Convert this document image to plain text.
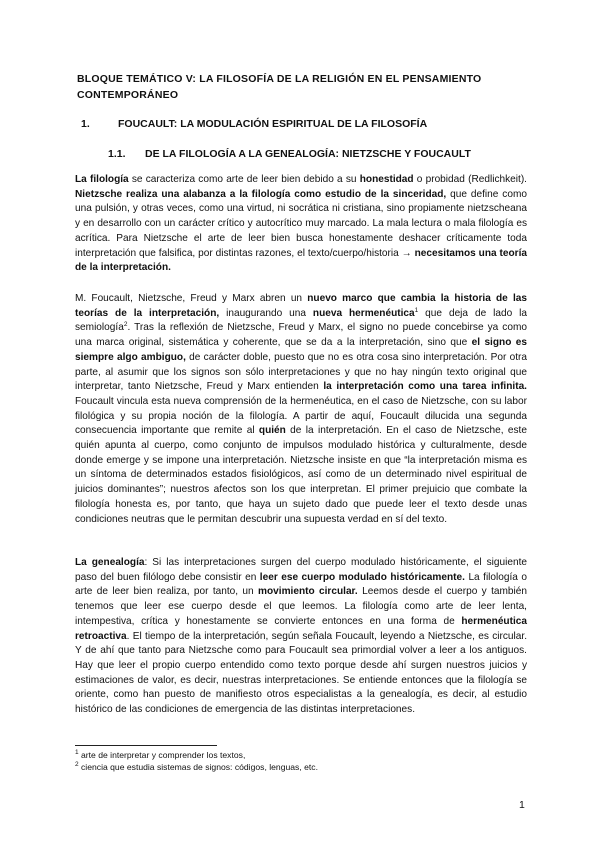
BLOQUE TEMÁTICO V: LA FILOSOFÍA DE LA RELIGIÓN EN EL PENSAMIENTO CONTEMPORÁNEO
1.	FOUCAULT: LA MODULACIÓN ESPIRITUAL DE LA FILOSOFÍA
1.1. DE LA FILOLOGÍA A LA GENEALOGÍA: NIETZSCHE Y FOUCAULT

La filología se caracteriza como arte de leer bien debido a su honestidad o probidad (Redlichkeit). Nietzsche realiza una alabanza a la filología como estudio de la sinceridad, que define como una pulsión, y otras veces, como una virtud, ni socrática ni cristiana, sino propiamente nietzscheana y en desarrollo con un carácter crítico y autocrítico muy marcado. La mala lectura o mala filología es acrítica. Para Nietzsche el arte de leer bien busca honestamente deshacer críticamente toda interpretación que falsifica, por distintas razones, el texto/cuerpo/historia → necesitamos una teoría de la interpretación.

M. Foucault, Nietzsche, Freud y Marx abren un nuevo marco que cambia la historia de las teorías de la interpretación, inaugurando una nueva hermenéutica$^1$ que deja de lado la semiología$^2$. Tras la reflexión de Nietzsche, Freud y Marx, el signo no puede concebirse ya como una marca original, sistemática y coherente, que se da a la interpretación, sino que el signo es siempre algo ambiguo, de carácter doble, puesto que no es otra cosa sino interpretación. Por otra parte, al asumir que los signos son sólo interpretaciones y que no hay ningún texto original que interpretar, tanto Nietzsche, Freud y Marx entienden la interpretación como una tarea infinita. Foucault vincula esta nueva comprensión de la hermenéutica, en el caso de Nietzsche, con su labor filológica y su propia noción de la filología. A partir de aquí, Foucault dilucida una segunda consecuencia importante que remite al quién de la interpretación. En el caso de Nietzsche, este quién apunta al cuerpo, como conjunto de impulsos modulado histórica y culturalmente, desde donde emerge y se impone una interpretación. Nietzsche insiste en que “la interpretación misma es un síntoma de determinados estados fisiológicos, así como de un determinado nivel espiritual de juicios dominantes”; nuestros afectos son los que interpretan. El primer prejuicio que combate la filología honesta es, por tanto, que haya un sujeto dado que puede leer el texto desde unas condiciones neutras que le permitan descubrir una supuesta verdad en sí del texto.

La genealogía: Si las interpretaciones surgen del cuerpo modulado históricamente, el siguiente paso del buen filólogo debe consistir en leer ese cuerpo modulado históricamente. La filología o arte de leer bien realiza, por tanto, un movimiento circular. Leemos desde el cuerpo y también tenemos que leer ese cuerpo desde el que leemos. La filología como arte de leer lenta, intempestiva, crítica y honestamente se convierte entonces en una forma de hermenéutica retroactiva. El tiempo de la interpretación, según señala Foucault, leyendo a Nietzsche, es circular. Y de ahí que tanto para Nietzsche como para Foucault sea primordial volver a leer a los antiguos. Hay que leer el propio cuerpo entendido como texto porque desde ahí surgen nuestros juicios y estimaciones de valor, es decir, nuestras interpretaciones. Se entiende entonces que la filología se oriente, como han puesto de manifiesto otros especialistas a la genealogía, es decir, al estudio histórico de las condiciones de emergencia de las distintas interpretaciones.

$^1$ arte de interpretar y comprender los textos,
$^2$ ciencia que estudia sistemas de signos: códigos, lenguas, etc.
1
